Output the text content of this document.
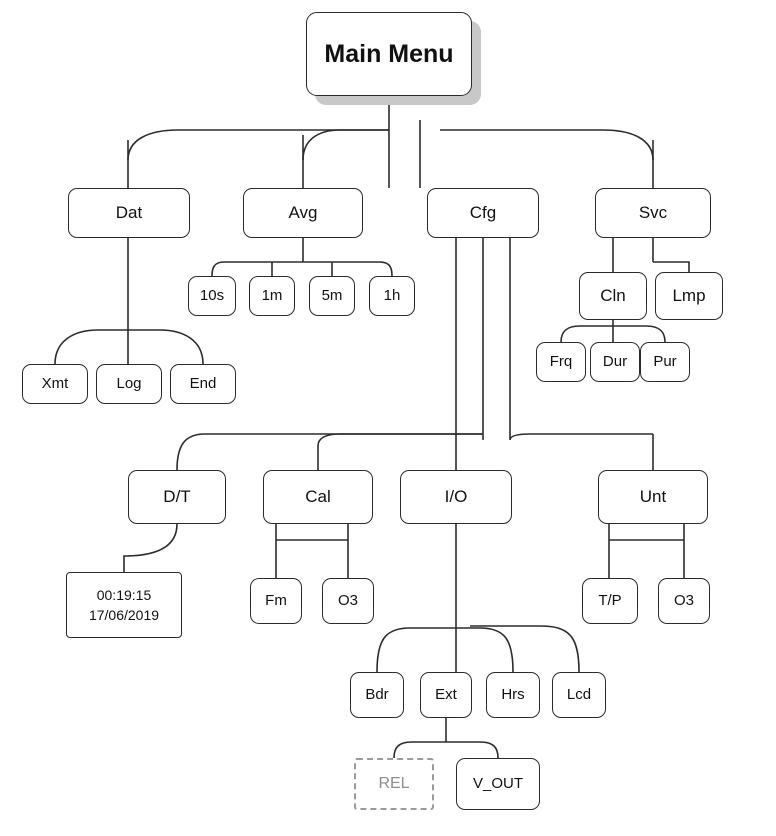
Main Menu
Dat	Avg	Cfg	Svc
10s	1m	5m	1h	Cln	Lmp
Frq	Dur	Pur
Xmt	Log	End
D/T	Cal	I/O	Unt
Fm	O3	T/P	O3
Bdr	Ext	Hrs	Lcd
REL	V_OUT
00:19:15
17/06/2019
